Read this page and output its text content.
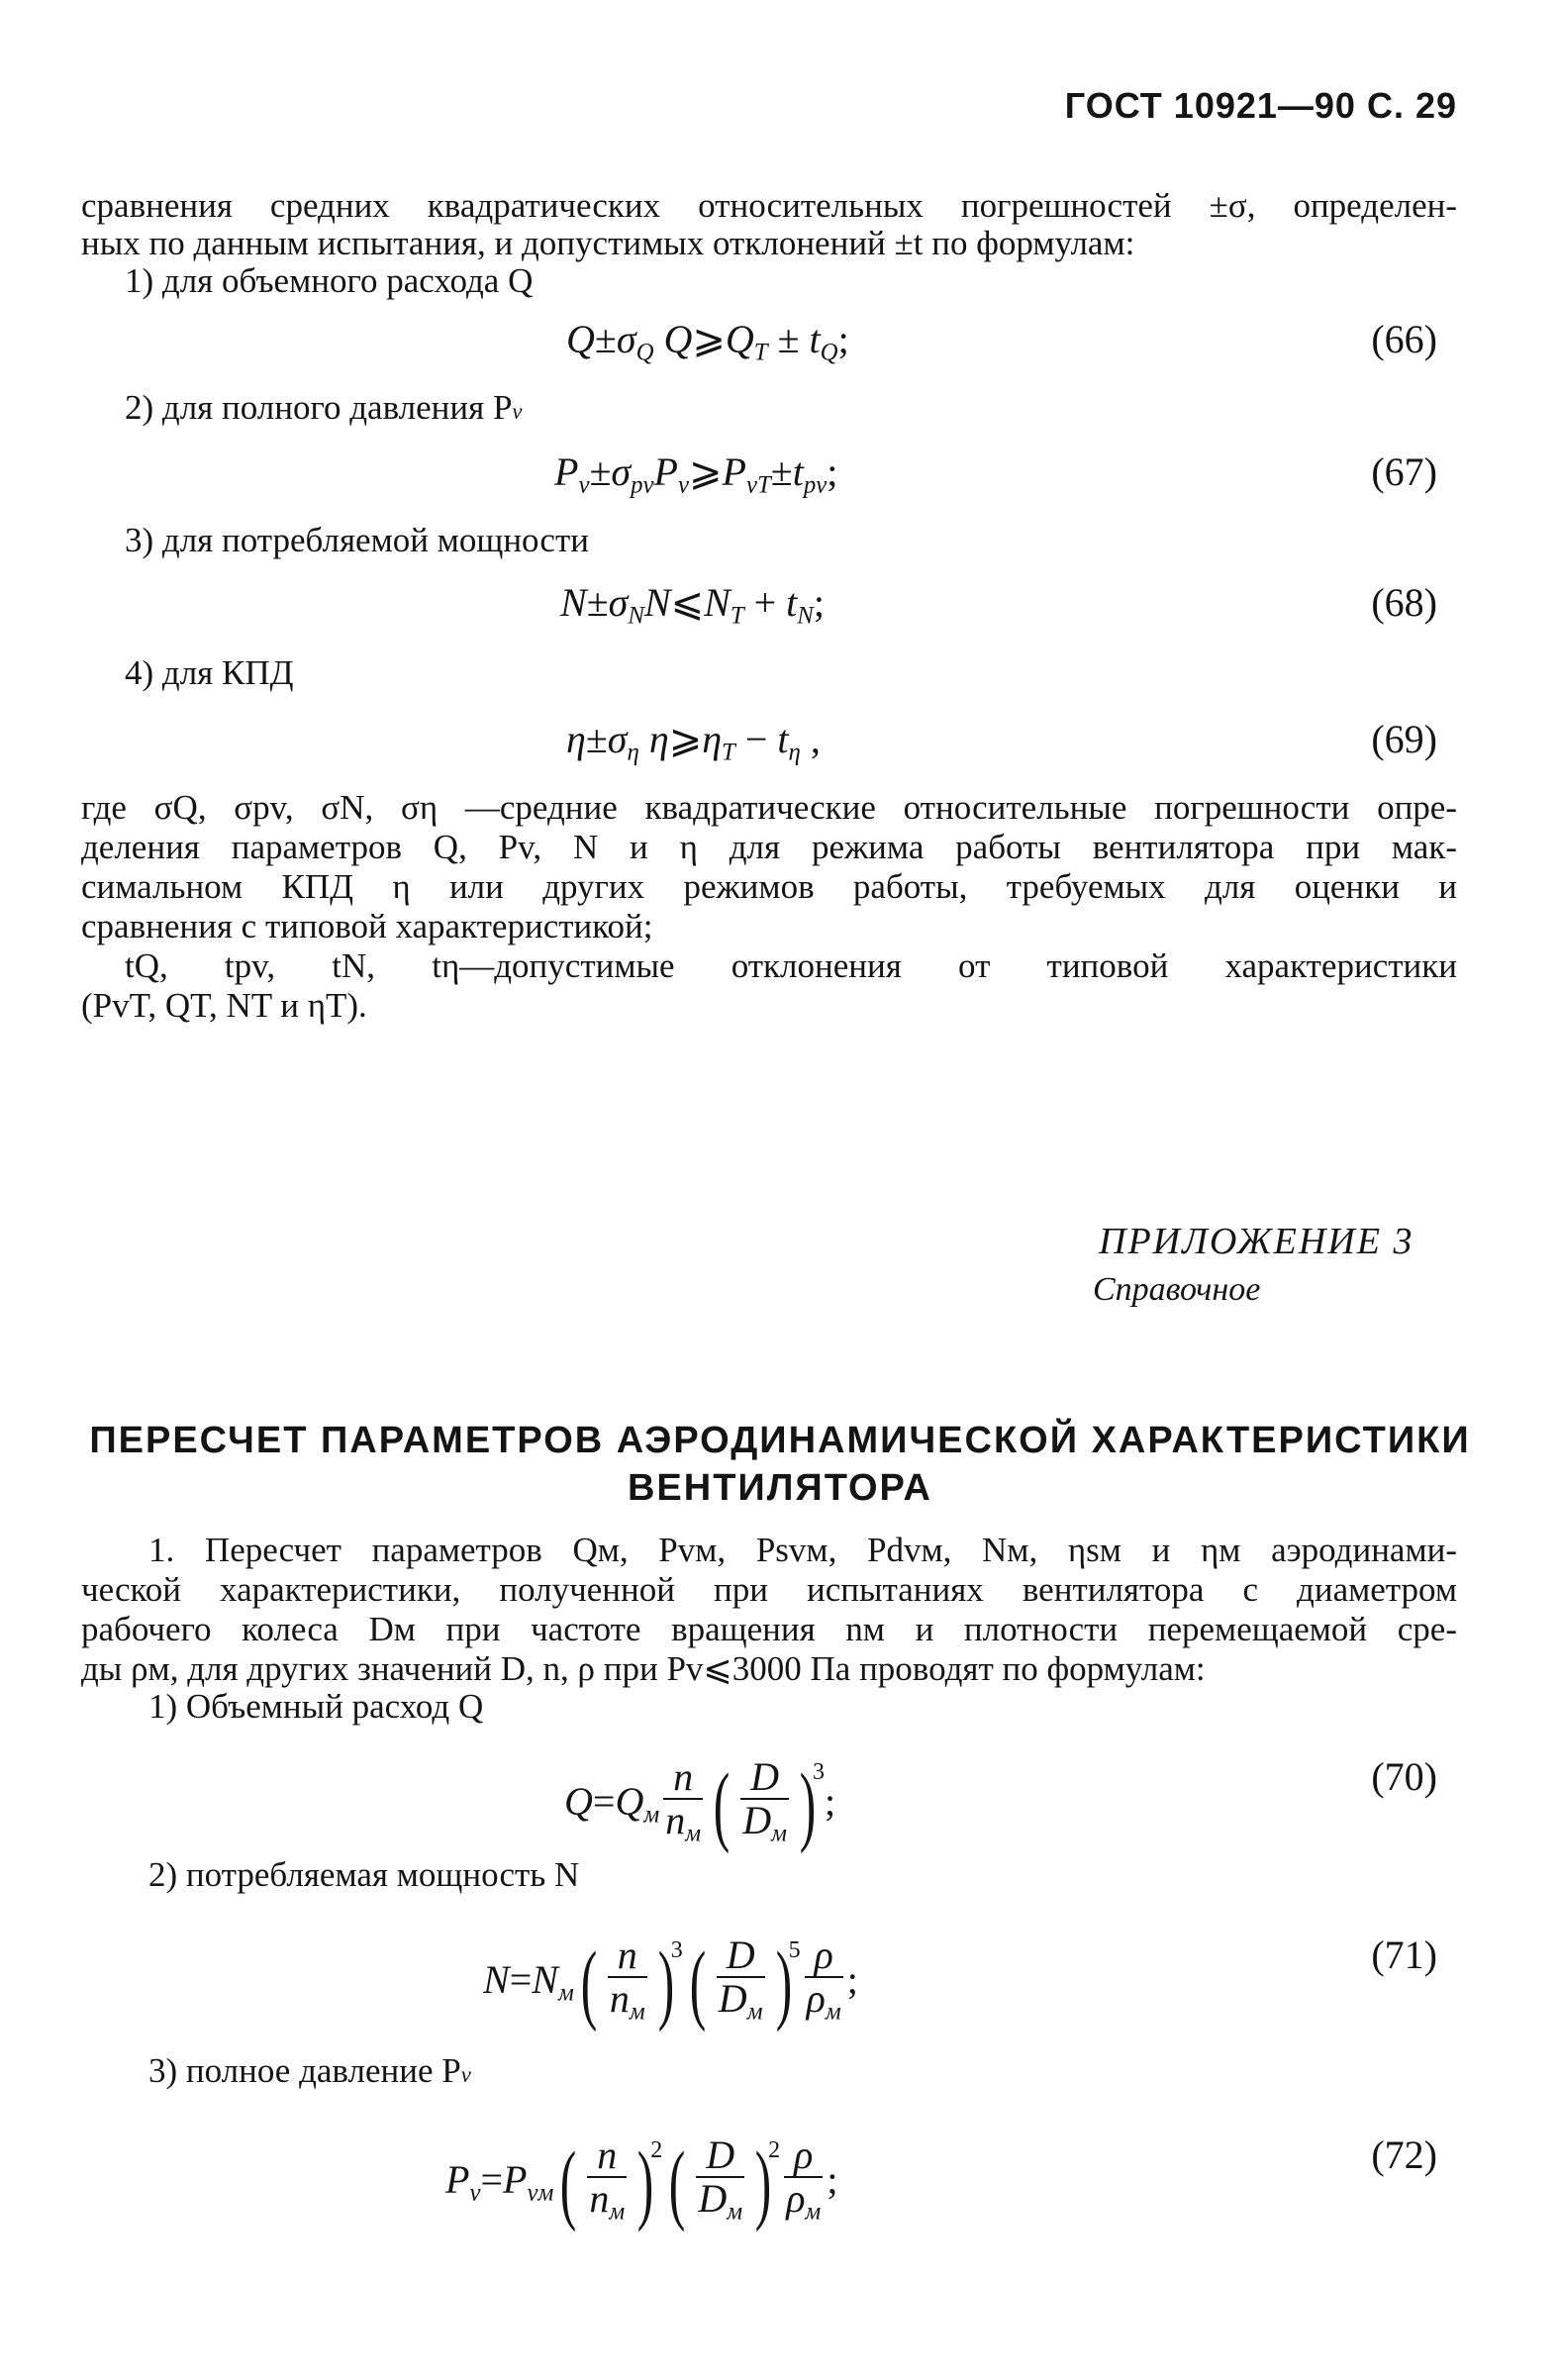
ГОСТ 10921—90 С. 29
сравнения средних квадратических относительных погрешностей ±σ, определен-
ных по данным испытания, и допустимых отклонений ±t по формулам:
1) для объемного расхода Q
$Q\pm\sigma_Q$ $Q⩾Q_T \pm t_Q$;	(66)
2) для полного давления Pv
$P_v\pm\sigma_{pv}P_v⩾P_{vT}\pm t_{pv}$;	(67)
3) для потребляемой мощности
$N\pm\sigma_NN⩽N_T + t_N$;	(68)
4) для КПД
$\eta\pm\sigma_\eta$ $\eta⩾\eta_T - t_\eta$ ,	(69)
где σQ, σpv, σN, ση —средние квадратические относительные погрешности опре-
деления параметров Q, Pv, N и η для режима работы вентилятора при мак-
симальном КПД η или других режимов работы, требуемых для оценки и
сравнения с типовой характеристикой;
tQ, tpv, tN, tη—допустимые отклонения от типовой характеристики
(PvT, QT, NT и ηT).
ПРИЛОЖЕНИЕ 3
Справочное
ПЕРЕСЧЕТ ПАРАМЕТРОВ АЭРОДИНАМИЧЕСКОЙ ХАРАКТЕРИСТИКИ
ВЕНТИЛЯТОРА
1. Пересчет параметров Qм, Pvм, Psvм, Pdvм, Nм, ηsм и ηм аэродинами-
ческой характеристики, полученной при испытаниях вентилятора с диаметром
рабочего колеса Dм при частоте вращения nм и плотности перемещаемой сре-
ды ρм, для других значений D, n, ρ при Pv⩽3000 Па проводят по формулам:
1) Объемный расход Q
$Q=Q_м \frac{n}{n_м}$ ( $\frac{D}{D_м} )^3$;
(70)
2) потребляемая мощность N
$N=N_м( \frac{n}{n_м} )^3( \frac{D}{D_м} )^5 \frac{\rho}{\rho_м}$ ;
(71)
3) полное давление Pv
$P_v=P_{vм}( \frac{n}{n_м} )^2( \frac{D}{D_м} )^2 \frac{\rho}{\rho_м}$ ;
(72)
